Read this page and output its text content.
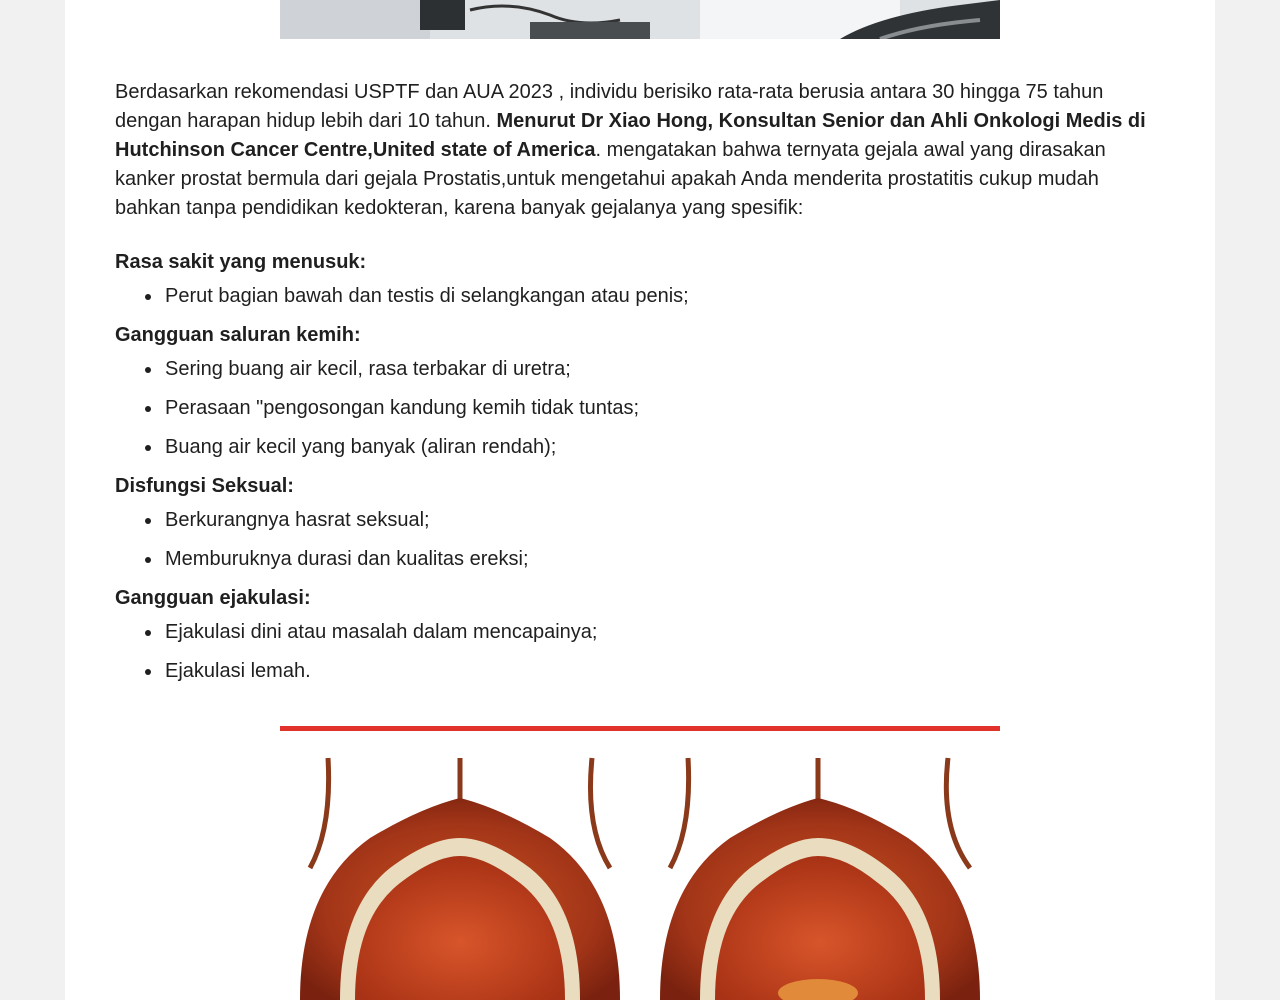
Berdasarkan rekomendasi USPTF dan AUA 2023 , individu berisiko rata-rata berusia antara 30 hingga 75 tahun dengan harapan hidup lebih dari 10 tahun. Menurut Dr Xiao Hong, Konsultan Senior dan Ahli Onkologi Medis di Hutchinson Cancer Centre,United state of America. mengatakan bahwa ternyata gejala awal yang dirasakan kanker prostat bermula dari gejala Prostatis,untuk mengetahui apakah Anda menderita prostatitis cukup mudah bahkan tanpa pendidikan kedokteran, karena banyak gejalanya yang spesifik:

Rasa sakit yang menusuk:

Perut bagian bawah dan testis di selangkangan atau penis;

Gangguan saluran kemih:

Sering buang air kecil, rasa terbakar di uretra;
Perasaan "pengosongan kandung kemih tidak tuntas;
Buang air kecil yang banyak (aliran rendah);

Disfungsi Seksual:

Berkurangnya hasrat seksual;
Memburuknya durasi dan kualitas ereksi;

Gangguan ejakulasi:

Ejakulasi dini atau masalah dalam mencapainya;
Ejakulasi lemah.
